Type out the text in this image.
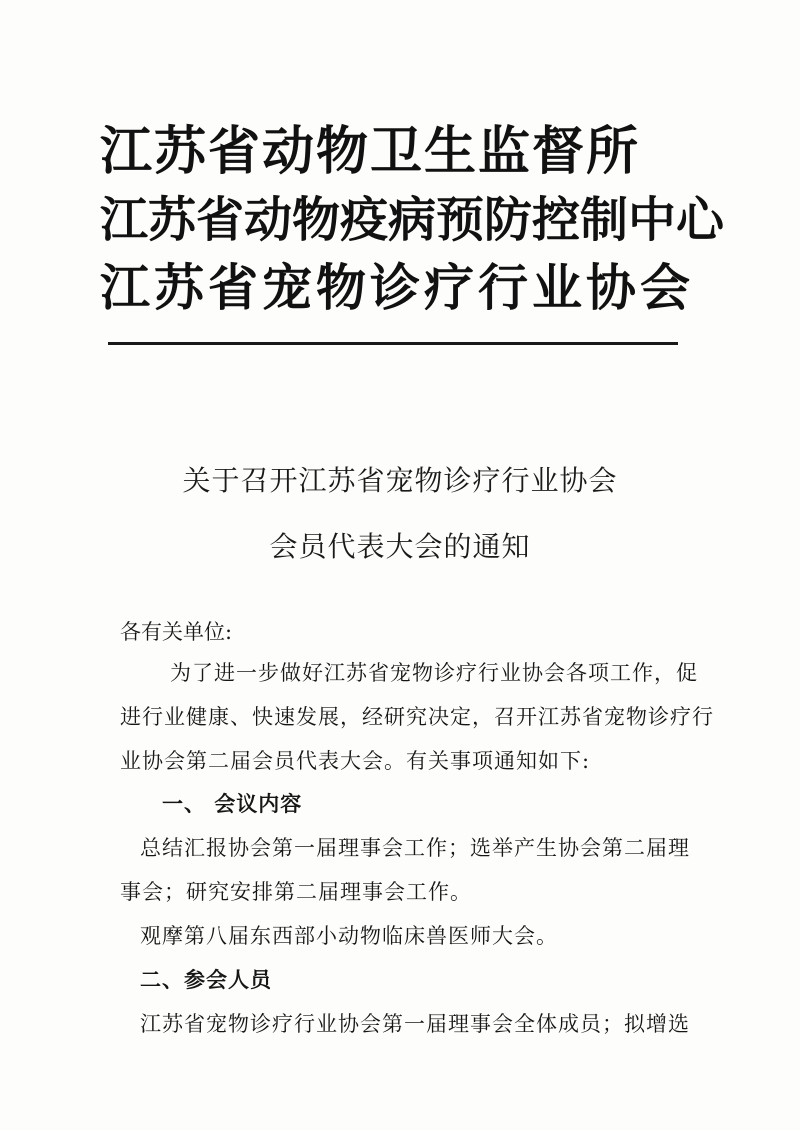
江苏省动物卫生监督所
江苏省动物疫病预防控制中心
江苏省宠物诊疗行业协会
关于召开江苏省宠物诊疗行业协会
会员代表大会的通知
各有关单位:
为了进一步做好江苏省宠物诊疗行业协会各项工作，促
进行业健康、快速发展，经研究决定，召开江苏省宠物诊疗行
业协会第二届会员代表大会。有关事项通知如下:
一、 会议内容
总结汇报协会第一届理事会工作；选举产生协会第二届理
事会；研究安排第二届理事会工作。
观摩第八届东西部小动物临床兽医师大会。
二、参会人员
江苏省宠物诊疗行业协会第一届理事会全体成员；拟增选
